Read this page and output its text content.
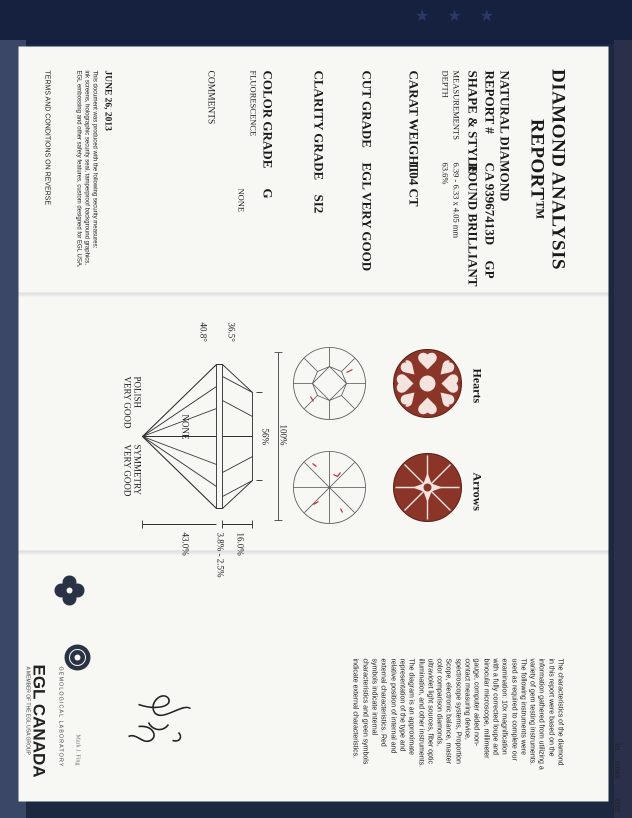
★★★
DIAMOND ANALYSIS
REPORT™
NATURAL DIAMOND
REPORT #
CA 93967413D
GP
SHAPE & STYLE
ROUND BRILLIANT
MEASUREMENTS
6.39 - 6.33 x 4.05 mm
DEPTH
63.6%
CARAT WEIGHT
1.04 CT
CUT GRADE
EGL VERY GOOD
CLARITY GRADE
SI2
COLOR GRADE
G
FLUORESCENCE
NONE
COMMENTS
JUNE 26, 2013
This document was produced with the following security measures:
ink screens, holographic security seal, tamperproof background graphics,
EGL embossing and other safety features, custom designed for EGL USA.
TERMS AND CONDITIONS ON REVERSE
Hearts
Arrows
100%
56%
36.5°
40.8°
NONE
16.0%
3.8% - 2.5%
43.0%
POLISH
VERY GOOD
SYMMETRY
VERY GOOD
The characteristics of the diamond
in this report were based on the
information gathered from utilizing a
variety of gem testing instruments.
The following instruments were
used as required to complete our
examination: 10x magnification
with a fully corrected loupe and
binocular microscope, millimeter
gauge, computer aided non-
contact measuring device,
spectroscope systems, Proportion
Scope, electronic balance, master
color comparison diamonds,
ultraviolet light sources, fiber optic
illumination, and other instruments.
The diagram is an approximate
representation of the type and
relative position of internal and
external characteristics. Red
symbols indicate internal
characteristics and green symbols
indicate external characteristics.
EGL CANADA GEMOLOGICAL LABORATORY
A MEMBER OF THE EGL USA GROUP	Mark J. Fing
rows
eter
in.
